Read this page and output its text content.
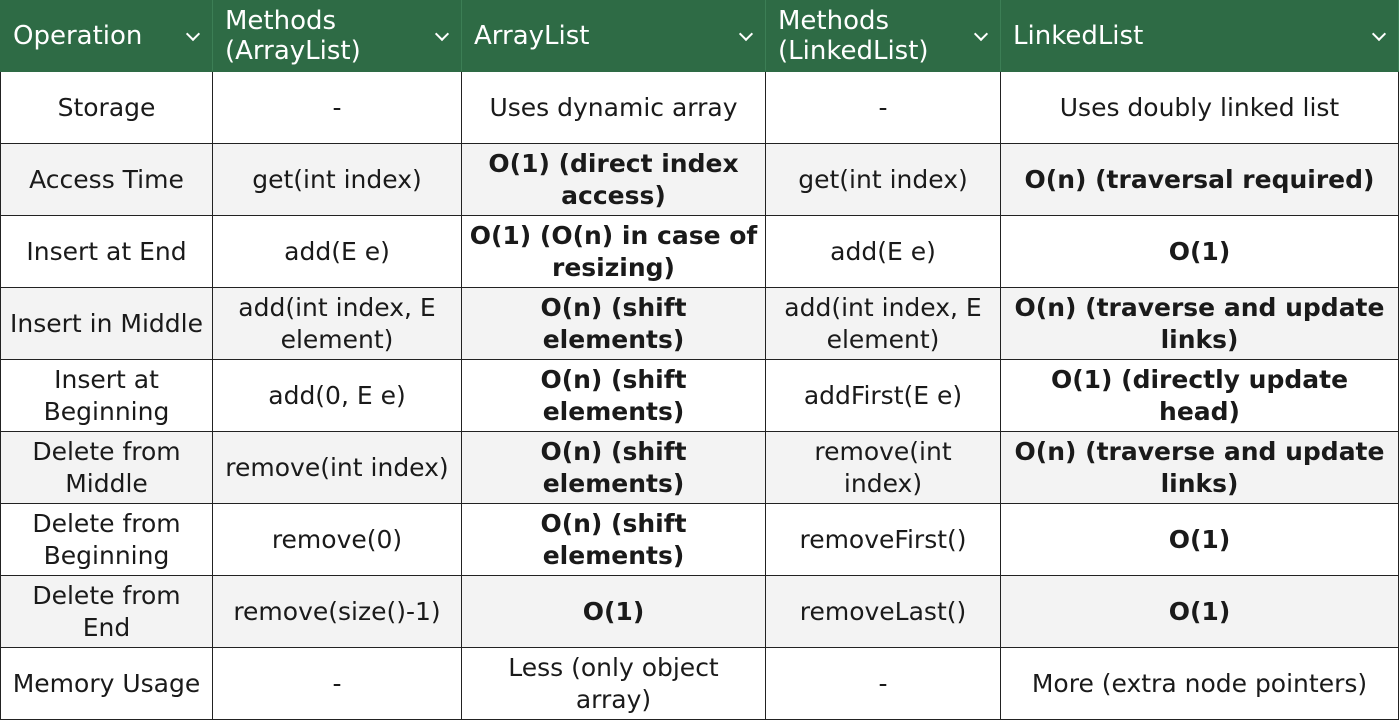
Operation	Methods (ArrayList)	ArrayList	Methods (LinkedList)	LinkedList

Storage	-	Uses dynamic array	-	Uses doubly linked list
Access Time	get(int index)	O(1) (direct index access)	get(int index)	O(n) (traversal required)
Insert at End	add(E e)	O(1) (O(n) in case of resizing)	add(E e)	O(1)
Insert in Middle	add(int index, E element)	O(n) (shift elements)	add(int index, E element)	O(n) (traverse and update links)
Insert at Beginning	add(0, E e)	O(n) (shift elements)	addFirst(E e)	O(1) (directly update head)
Delete from Middle	remove(int index)	O(n) (shift elements)	remove(int index)	O(n) (traverse and update links)
Delete from Beginning	remove(0)	O(n) (shift elements)	removeFirst()	O(1)
Delete from End	remove(size()-1)	O(1)	removeLast()	O(1)
Memory Usage	-	Less (only object array)	-	More (extra node pointers)
